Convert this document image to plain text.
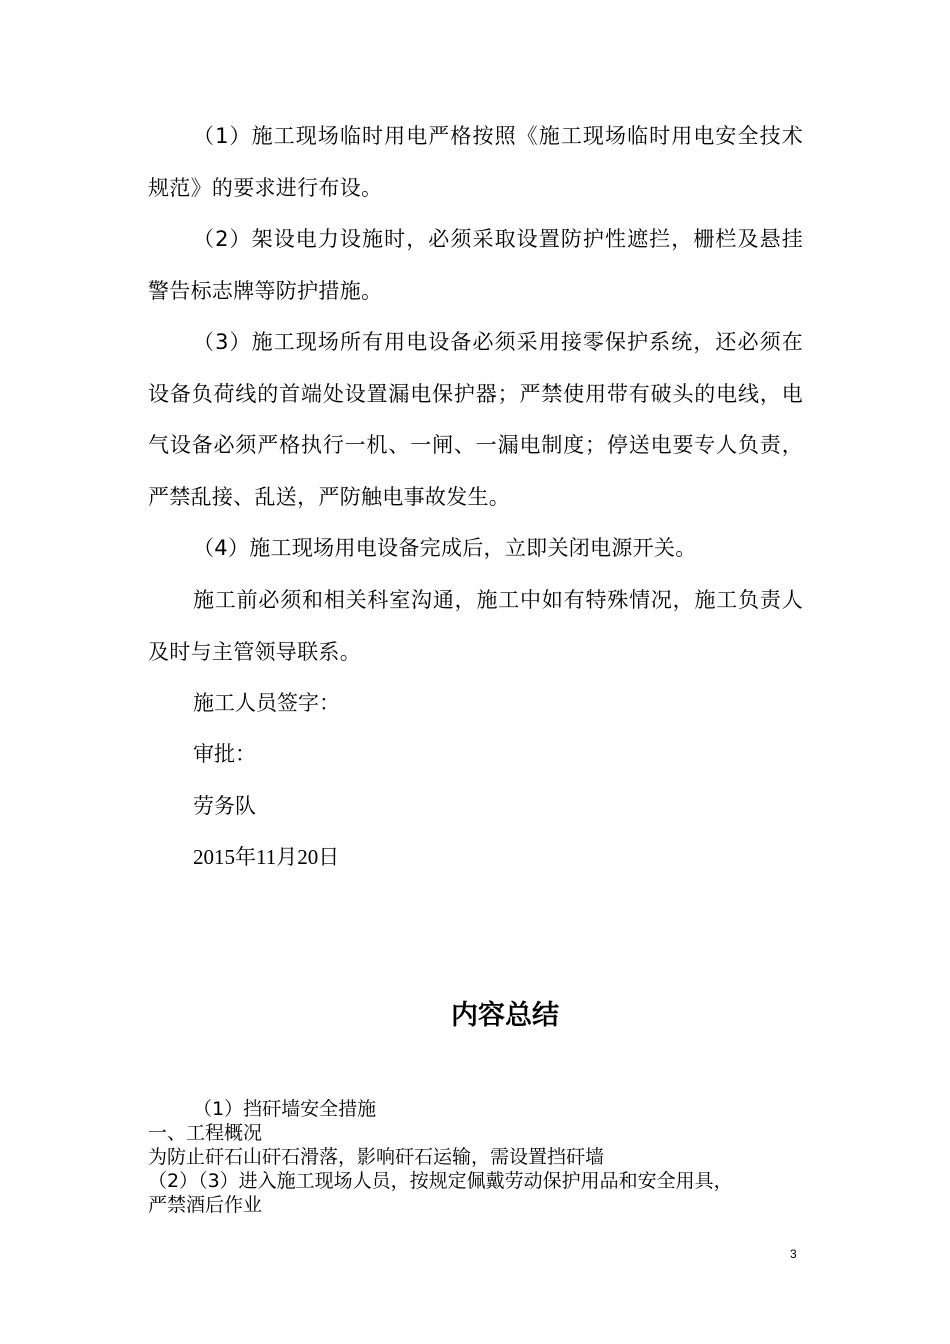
（1）施工现场临时用电严格按照《施工现场临时用电安全技术规范》的要求进行布设。

（2）架设电力设施时，必须采取设置防护性遮拦，栅栏及悬挂警告标志牌等防护措施。

（3）施工现场所有用电设备必须采用接零保护系统，还必须在设备负荷线的首端处设置漏电保护器；严禁使用带有破头的电线，电气设备必须严格执行一机、一闸、一漏电制度；停送电要专人负责，严禁乱接、乱送，严防触电事故发生。

（4）施工现场用电设备完成后，立即关闭电源开关。

施工前必须和相关科室沟通，施工中如有特殊情况，施工负责人及时与主管领导联系。

施工人员签字：

审批：

劳务队

2015年11月20日

内容总结

（1）挡矸墙安全措施

一、工程概况

为防止矸石山矸石滑落，影响矸石运输，需设置挡矸墙

（2）（3）进入施工现场人员，按规定佩戴劳动保护用品和安全用具，

严禁酒后作业

3
